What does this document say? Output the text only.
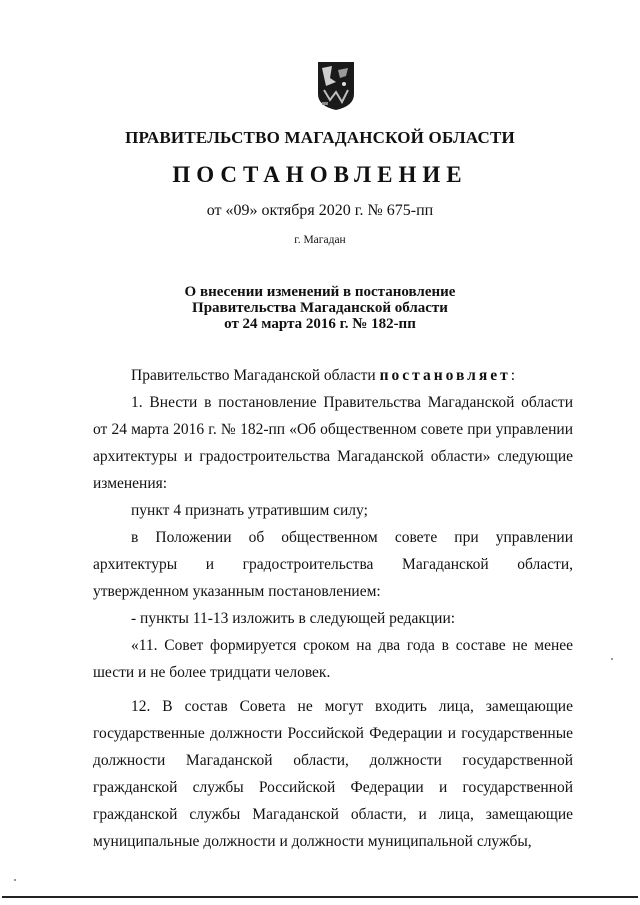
ПРАВИТЕЛЬСТВО МАГАДАНСКОЙ ОБЛАСТИ
ПОСТАНОВЛЕНИЕ
от «09» октября 2020 г. № 675-пп
г. Магадан
О внесении изменений в постановление
Правительства Магаданской области
от 24 марта 2016 г. № 182-пп

Правительство Магаданской области постановляет:

1. Внести в постановление Правительства Магаданской области от 24 марта 2016 г. № 182-пп «Об общественном совете при управлении архитектуры и градостроительства Магаданской области» следующие изменения:

пункт 4 признать утратившим силу;

в Положении об общественном совете при управлении архитектуры и градостроительства Магаданской области, утвержденном указанным постановлением:

- пункты 11-13 изложить в следующей редакции:

«11. Совет формируется сроком на два года в составе не менее шести и не более тридцати человек.

12. В состав Совета не могут входить лица, замещающие государственные должности Российской Федерации и государственные должности Магаданской области, должности государственной гражданской службы Российской Федерации и государственной гражданской службы Магаданской области, и лица, замещающие муниципальные должности и должности муниципальной службы,
